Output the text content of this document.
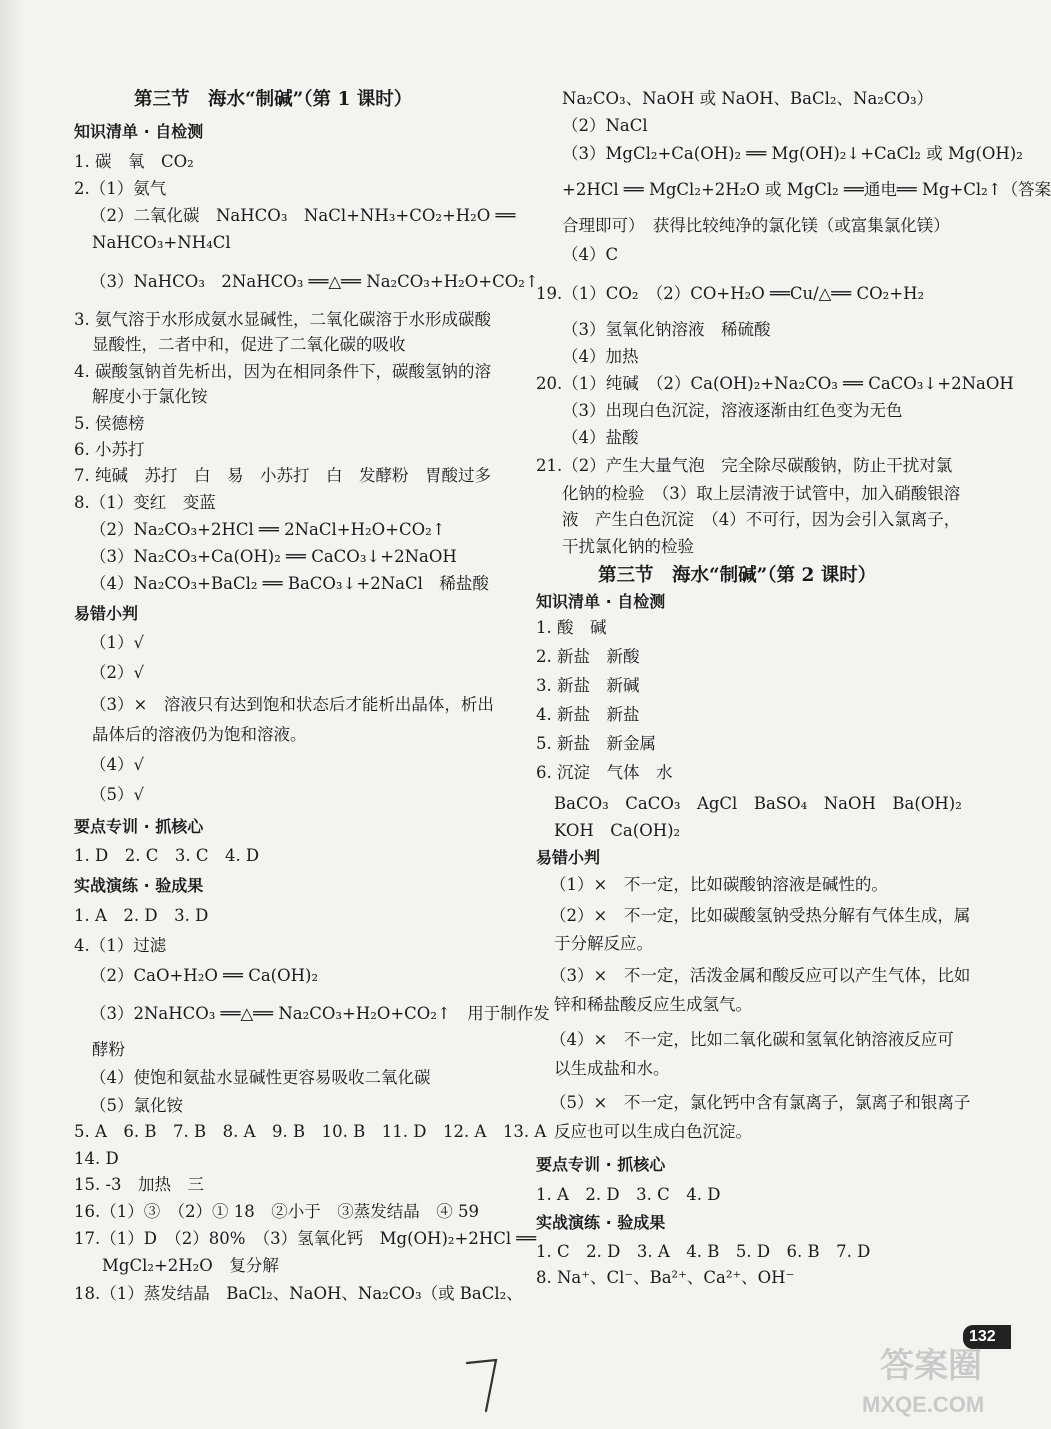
第三节　海水“制碱”（第 1 课时）
知识清单 · 自检测
1. 碳　氧　CO₂
2.（1）氨气
（2）二氧化碳　NaHCO₃　NaCl+NH₃+CO₂+H₂O ══
NaHCO₃+NH₄Cl
（3）NaHCO₃　2NaHCO₃ ══△══ Na₂CO₃+H₂O+CO₂↑
3. 氨气溶于水形成氨水显碱性，二氧化碳溶于水形成碳酸
显酸性，二者中和，促进了二氧化碳的吸收
4. 碳酸氢钠首先析出，因为在相同条件下，碳酸氢钠的溶
解度小于氯化铵
5. 侯德榜
6. 小苏打
7. 纯碱　苏打　白　易　小苏打　白　发酵粉　胃酸过多
8.（1）变红　变蓝
（2）Na₂CO₃+2HCl ══ 2NaCl+H₂O+CO₂↑
（3）Na₂CO₃+Ca(OH)₂ ══ CaCO₃↓+2NaOH
（4）Na₂CO₃+BaCl₂ ══ BaCO₃↓+2NaCl　稀盐酸
易错小判
（1）√
（2）√
（3）×　溶液只有达到饱和状态后才能析出晶体，析出
晶体后的溶液仍为饱和溶液。
（4）√
（5）√
要点专训 · 抓核心
1. D　2. C　3. C　4. D
实战演练 · 验成果
1. A　2. D　3. D
4.（1）过滤
（2）CaO+H₂O ══ Ca(OH)₂
（3）2NaHCO₃ ══△══ Na₂CO₃+H₂O+CO₂↑　用于制作发
酵粉
（4）使饱和氨盐水显碱性更容易吸收二氧化碳
（5）氯化铵
5. A　6. B　7. B　8. A　9. B　10. B　11. D　12. A　13. A
14. D
15. -3　加热　三
16.（1）③　（2）① 18　②小于　③蒸发结晶　④ 59
17.（1）D　（2）80%　（3）氢氧化钙　Mg(OH)₂+2HCl ══
MgCl₂+2H₂O　复分解
18.（1）蒸发结晶　BaCl₂、NaOH、Na₂CO₃（或 BaCl₂、
Na₂CO₃、NaOH 或 NaOH、BaCl₂、Na₂CO₃）
（2）NaCl
（3）MgCl₂+Ca(OH)₂ ══ Mg(OH)₂↓+CaCl₂ 或 Mg(OH)₂
+2HCl ══ MgCl₂+2H₂O 或 MgCl₂ ══通电══ Mg+Cl₂↑（答案
合理即可）　获得比较纯净的氯化镁（或富集氯化镁）
（4）C
19.（1）CO₂　（2）CO+H₂O ══Cu/△══ CO₂+H₂
（3）氢氧化钠溶液　稀硫酸
（4）加热
20.（1）纯碱　（2）Ca(OH)₂+Na₂CO₃ ══ CaCO₃↓+2NaOH
（3）出现白色沉淀，溶液逐渐由红色变为无色
（4）盐酸
21.（2）产生大量气泡　完全除尽碳酸钠，防止干扰对氯
化钠的检验　（3）取上层清液于试管中，加入硝酸银溶
液　产生白色沉淀　（4）不可行，因为会引入氯离子，
干扰氯化钠的检验
第三节　海水“制碱”（第 2 课时）
知识清单 · 自检测
1. 酸　碱
2. 新盐　新酸
3. 新盐　新碱
4. 新盐　新盐
5. 新盐　新金属
6. 沉淀　气体　水
BaCO₃　CaCO₃　AgCl　BaSO₄　NaOH　Ba(OH)₂
KOH　Ca(OH)₂
易错小判
（1）×　不一定，比如碳酸钠溶液是碱性的。
（2）×　不一定，比如碳酸氢钠受热分解有气体生成，属
于分解反应。
（3）×　不一定，活泼金属和酸反应可以产生气体，比如
锌和稀盐酸反应生成氢气。
（4）×　不一定，比如二氧化碳和氢氧化钠溶液反应可
以生成盐和水。
（5）×　不一定，氯化钙中含有氯离子，氯离子和银离子
反应也可以生成白色沉淀。
要点专训 · 抓核心
1. A　2. D　3. C　4. D
实战演练 · 验成果
1. C　2. D　3. A　4. B　5. D　6. B　7. D
8. Na⁺、Cl⁻、Ba²⁺、Ca²⁺、OH⁻
132
答案圈
MXQE.COM
